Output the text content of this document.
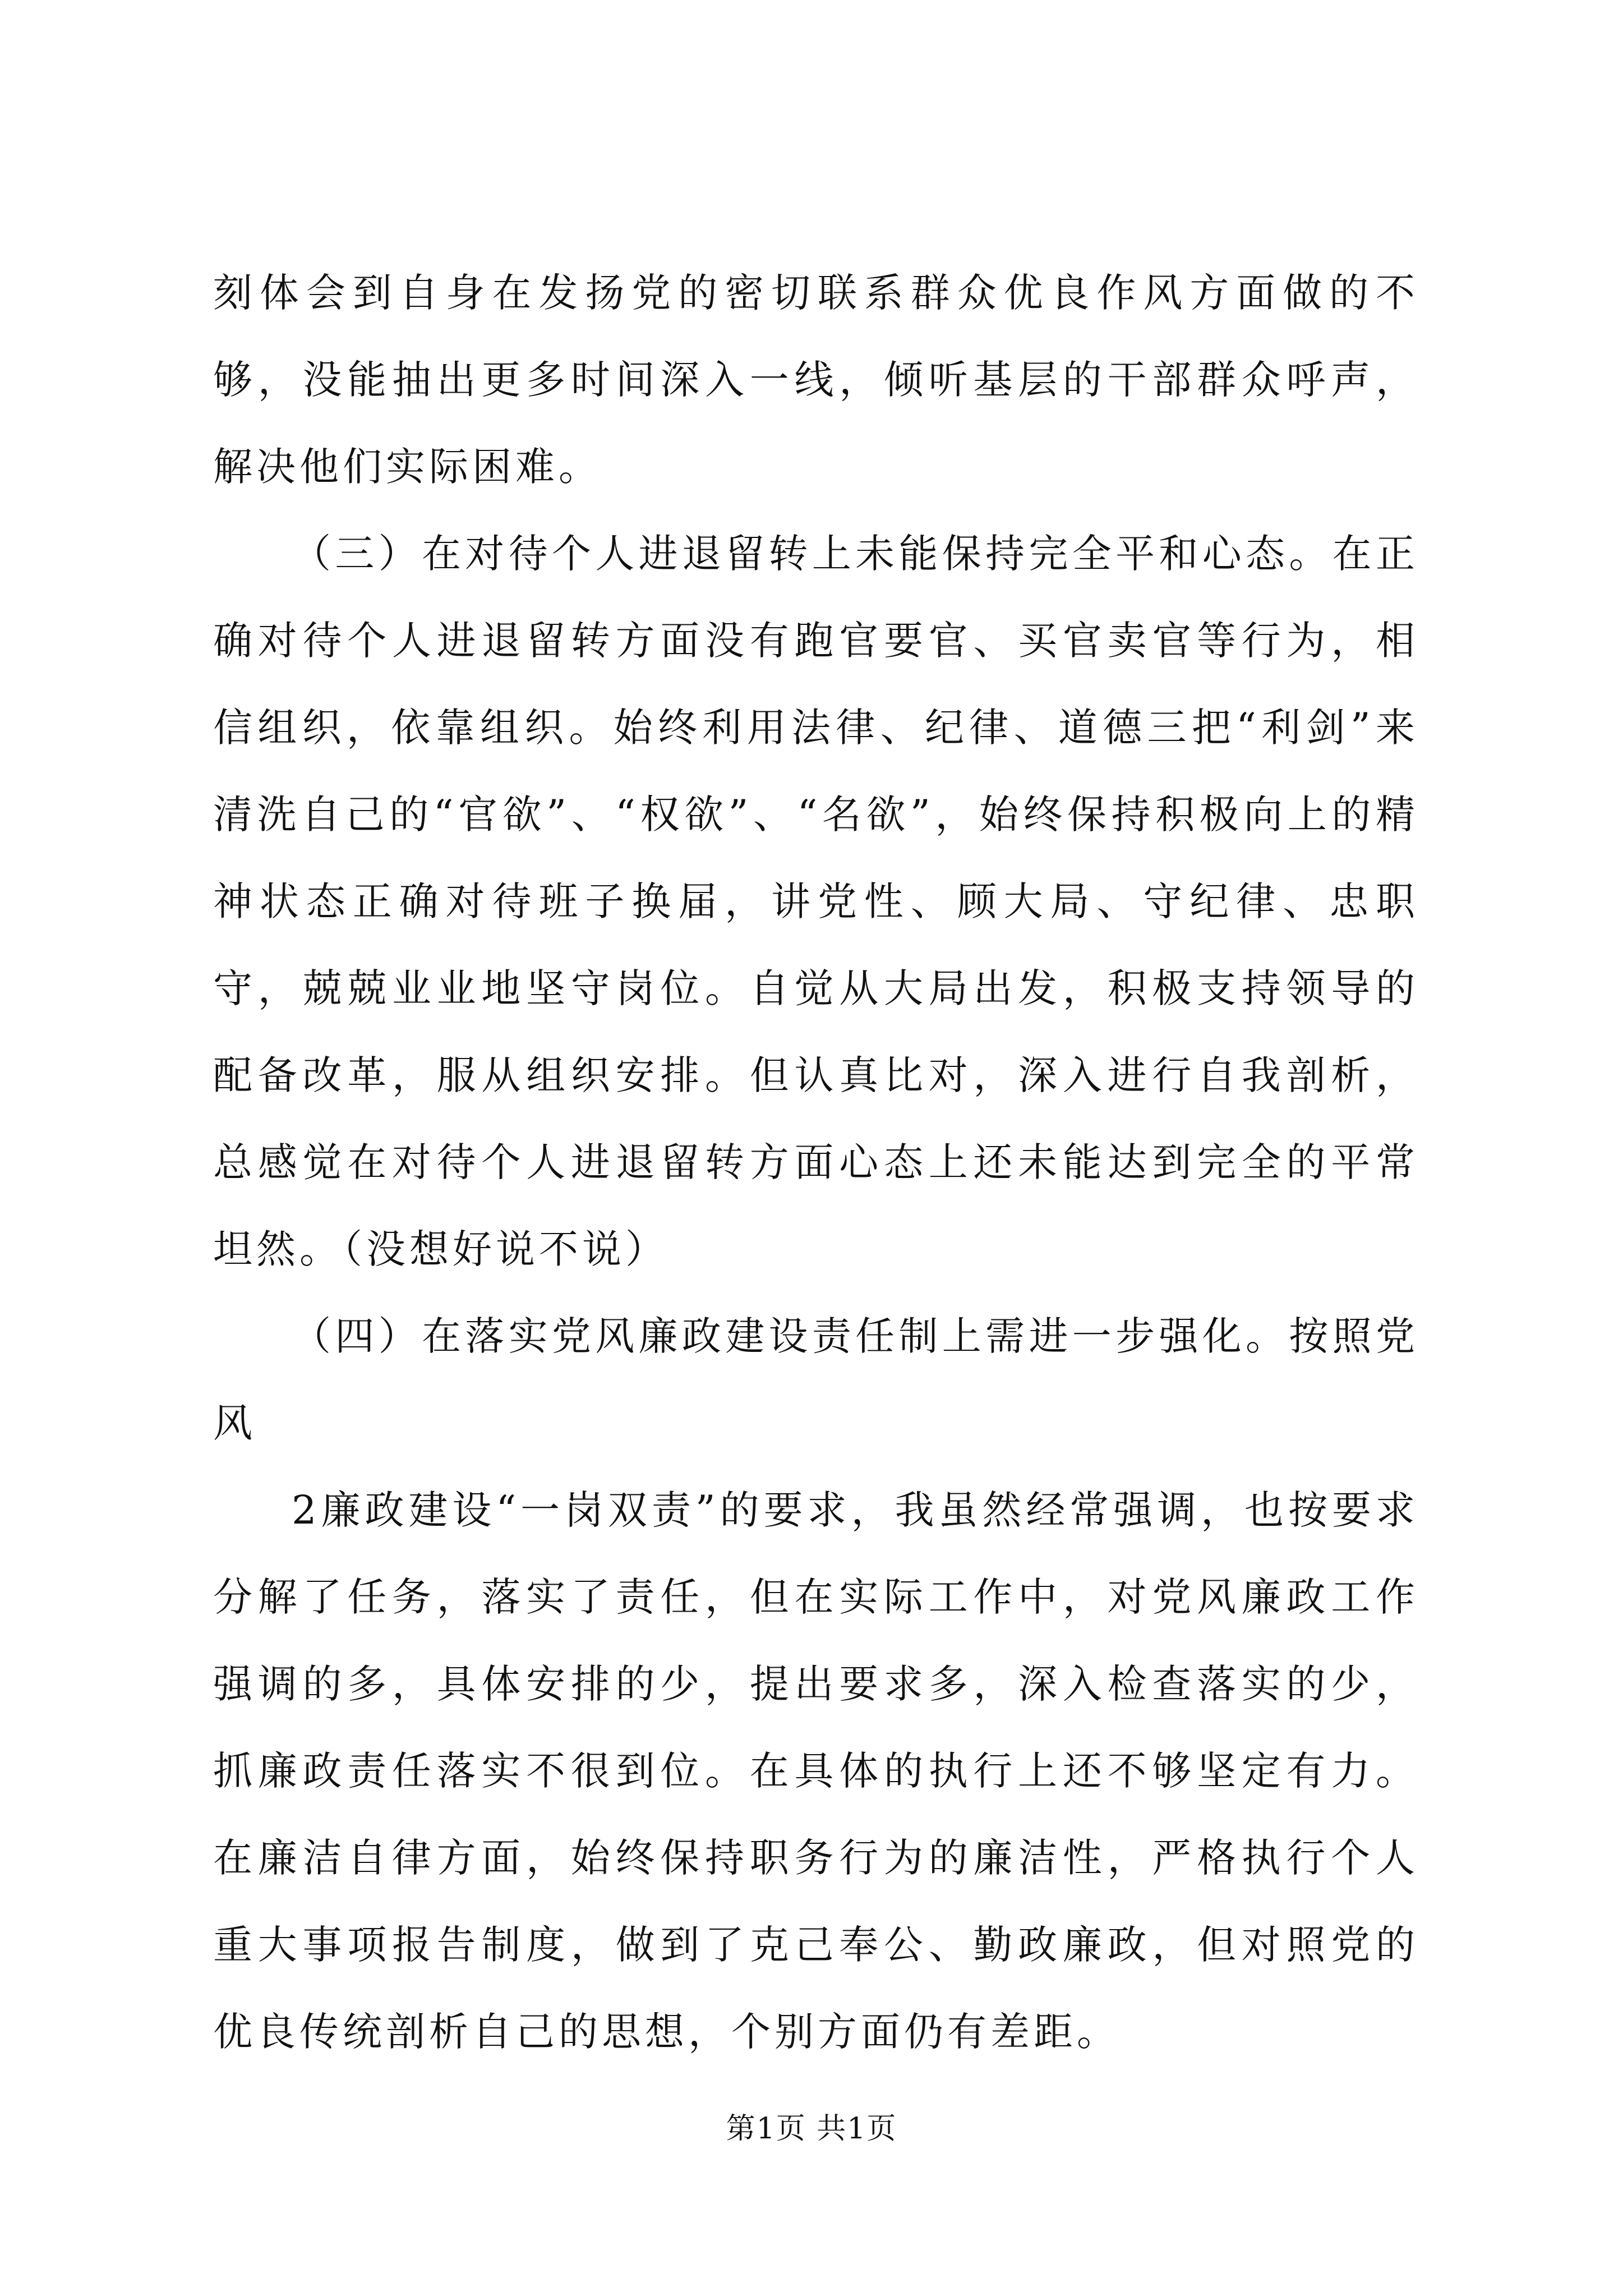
刻体会到自身在发扬党的密切联系群众优良作风方面做的不够，没能抽出更多时间深入一线，倾听基层的干部群众呼声，解决他们实际困难。

（三）在对待个人进退留转上未能保持完全平和心态。在正确对待个人进退留转方面没有跑官要官、买官卖官等行为，相信组织，依靠组织。始终利用法律、纪律、道德三把“利剑”来清洗自己的“官欲”、“权欲”、“名欲”，始终保持积极向上的精神状态正确对待班子换届，讲党性、顾大局、守纪律、忠职守，兢兢业业地坚守岗位。自觉从大局出发，积极支持领导的配备改革，服从组织安排。但认真比对，深入进行自我剖析，总感觉在对待个人进退留转方面心态上还未能达到完全的平常坦然。（没想好说不说）

（四）在落实党风廉政建设责任制上需进一步强化。按照党风

2廉政建设“一岗双责”的要求，我虽然经常强调，也按要求分解了任务，落实了责任，但在实际工作中，对党风廉政工作强调的多，具体安排的少，提出要求多，深入检查落实的少，抓廉政责任落实不很到位。在具体的执行上还不够坚定有力。在廉洁自律方面，始终保持职务行为的廉洁性，严格执行个人重大事项报告制度，做到了克己奉公、勤政廉政，但对照党的优良传统剖析自己的思想，个别方面仍有差距。

第1页 共1页
